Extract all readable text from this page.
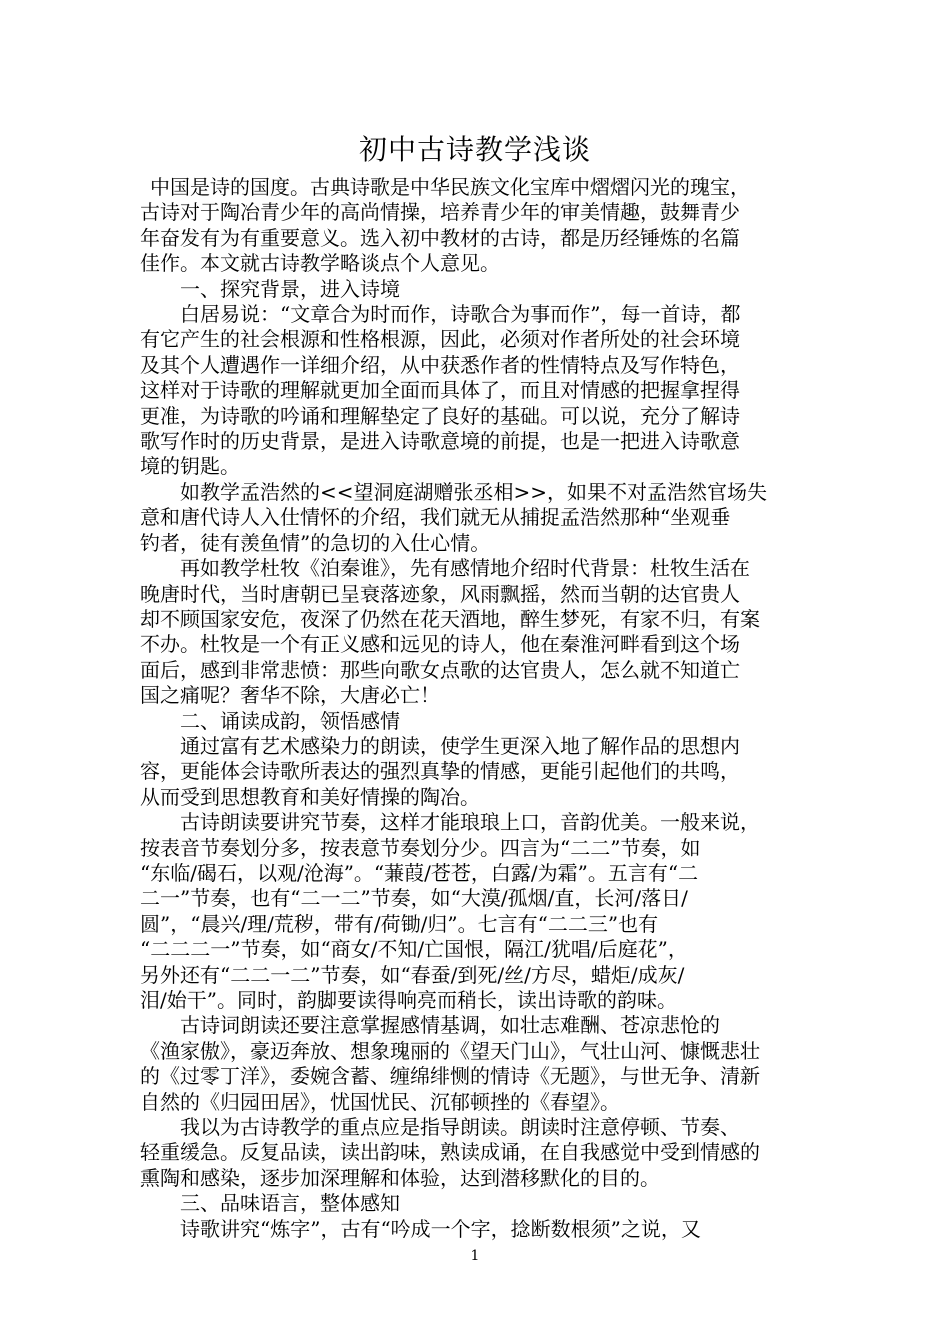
初中古诗教学浅谈

中国是诗的国度。古典诗歌是中华民族文化宝库中熠熠闪光的瑰宝，

古诗对于陶冶青少年的高尚情操，培养青少年的审美情趣，鼓舞青少

年奋发有为有重要意义。选入初中教材的古诗，都是历经锤炼的名篇

佳作。本文就古诗教学略谈点个人意见。

一、探究背景，进入诗境

白居易说：“文章合为时而作，诗歌合为事而作”，每一首诗，都

有它产生的社会根源和性格根源，因此，必须对作者所处的社会环境

及其个人遭遇作一详细介绍，从中获悉作者的性情特点及写作特色，

这样对于诗歌的理解就更加全面而具体了，而且对情感的把握拿捏得

更准，为诗歌的吟诵和理解垫定了良好的基础。可以说，充分了解诗

歌写作时的历史背景，是进入诗歌意境的前提，也是一把进入诗歌意

境的钥匙。

如教学孟浩然的<<望洞庭湖赠张丞相>>，如果不对孟浩然官场失

意和唐代诗人入仕情怀的介绍，我们就无从捕捉孟浩然那种“坐观垂

钓者，徒有羡鱼情”的急切的入仕心情。

再如教学杜牧《泊秦谁》，先有感情地介绍时代背景：杜牧生活在

晚唐时代，当时唐朝已呈衰落迹象，风雨飘摇，然而当朝的达官贵人

却不顾国家安危，夜深了仍然在花天酒地，醉生梦死，有家不归，有案

不办。杜牧是一个有正义感和远见的诗人，他在秦淮河畔看到这个场

面后，感到非常悲愤：那些向歌女点歌的达官贵人，怎么就不知道亡

国之痛呢？奢华不除，大唐必亡！

二、诵读成韵，领悟感情

通过富有艺术感染力的朗读，使学生更深入地了解作品的思想内

容，更能体会诗歌所表达的强烈真挚的情感，更能引起他们的共鸣，

从而受到思想教育和美好情操的陶冶。

古诗朗读要讲究节奏，这样才能琅琅上口，音韵优美。一般来说，

按表音节奏划分多，按表意节奏划分少。四言为“二二”节奏，如

“东临/碣石，以观/沧海”。“蒹葭/苍苍，白露/为霜”。五言有“二

二一”节奏，也有“二一二”节奏，如“大漠/孤烟/直，长河/落日/

圆”，“晨兴/理/荒秽，带有/荷锄/归”。七言有“二二三”也有

“二二二一”节奏，如“商女/不知/亡国恨，隔江/犹唱/后庭花”，

另外还有“二二一二”节奏，如“春蚕/到死/丝/方尽，蜡炬/成灰/

泪/始干”。同时，韵脚要读得响亮而稍长，读出诗歌的韵味。

古诗词朗读还要注意掌握感情基调，如壮志难酬、苍凉悲怆的

《渔家傲》，豪迈奔放、想象瑰丽的《望天门山》，气壮山河、慷慨悲壮

的《过零丁洋》，委婉含蓄、缠绵绯恻的情诗《无题》，与世无争、清新

自然的《归园田居》，忧国忧民、沉郁顿挫的《春望》。

我以为古诗教学的重点应是指导朗读。朗读时注意停顿、节奏、

轻重缓急。反复品读，读出韵味，熟读成诵，在自我感觉中受到情感的

熏陶和感染，逐步加深理解和体验，达到潜移默化的目的。

三、品味语言，整体感知

诗歌讲究“炼字”，古有“吟成一个字，捻断数根须”之说，又

1
